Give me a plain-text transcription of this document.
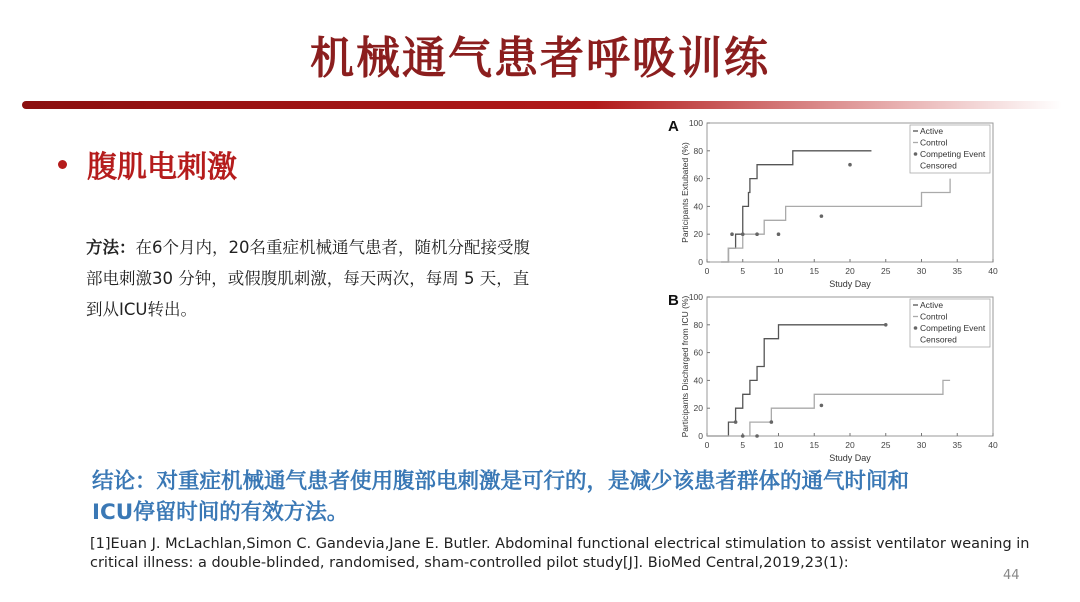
机械通气患者呼吸训练
腹肌电刺激
方法：在6个月内，20名重症机械通气患者，随机分配接受腹部电刺激30 分钟，或假腹肌刺激，每天两次，每周 5 天，直到从ICU转出。
结论：对重症机械通气患者使用腹部电刺激是可行的，是减少该患者群体的通气时间和ICU停留时间的有效方法。
[1]Euan J. McLachlan,Simon C. Gandevia,Jane E. Butler. Abdominal functional electrical stimulation to assist ventilator weaning in critical illness: a double-blinded, randomised, sham-controlled pilot study[J]. BioMed Central,2019,23(1):
44
A
0	5	10	15	20	25	30	35	40
0
20
40
60
80
100
Study Day
Participants Extubated (%)
Active
Control
Competing Event
Censored
B
0	5	10	15	20	25	30	35	40
0
20
40
60
80
100
Study Day
Participants Discharged from ICU (%)	Active
Control
Competing Event
Censored
